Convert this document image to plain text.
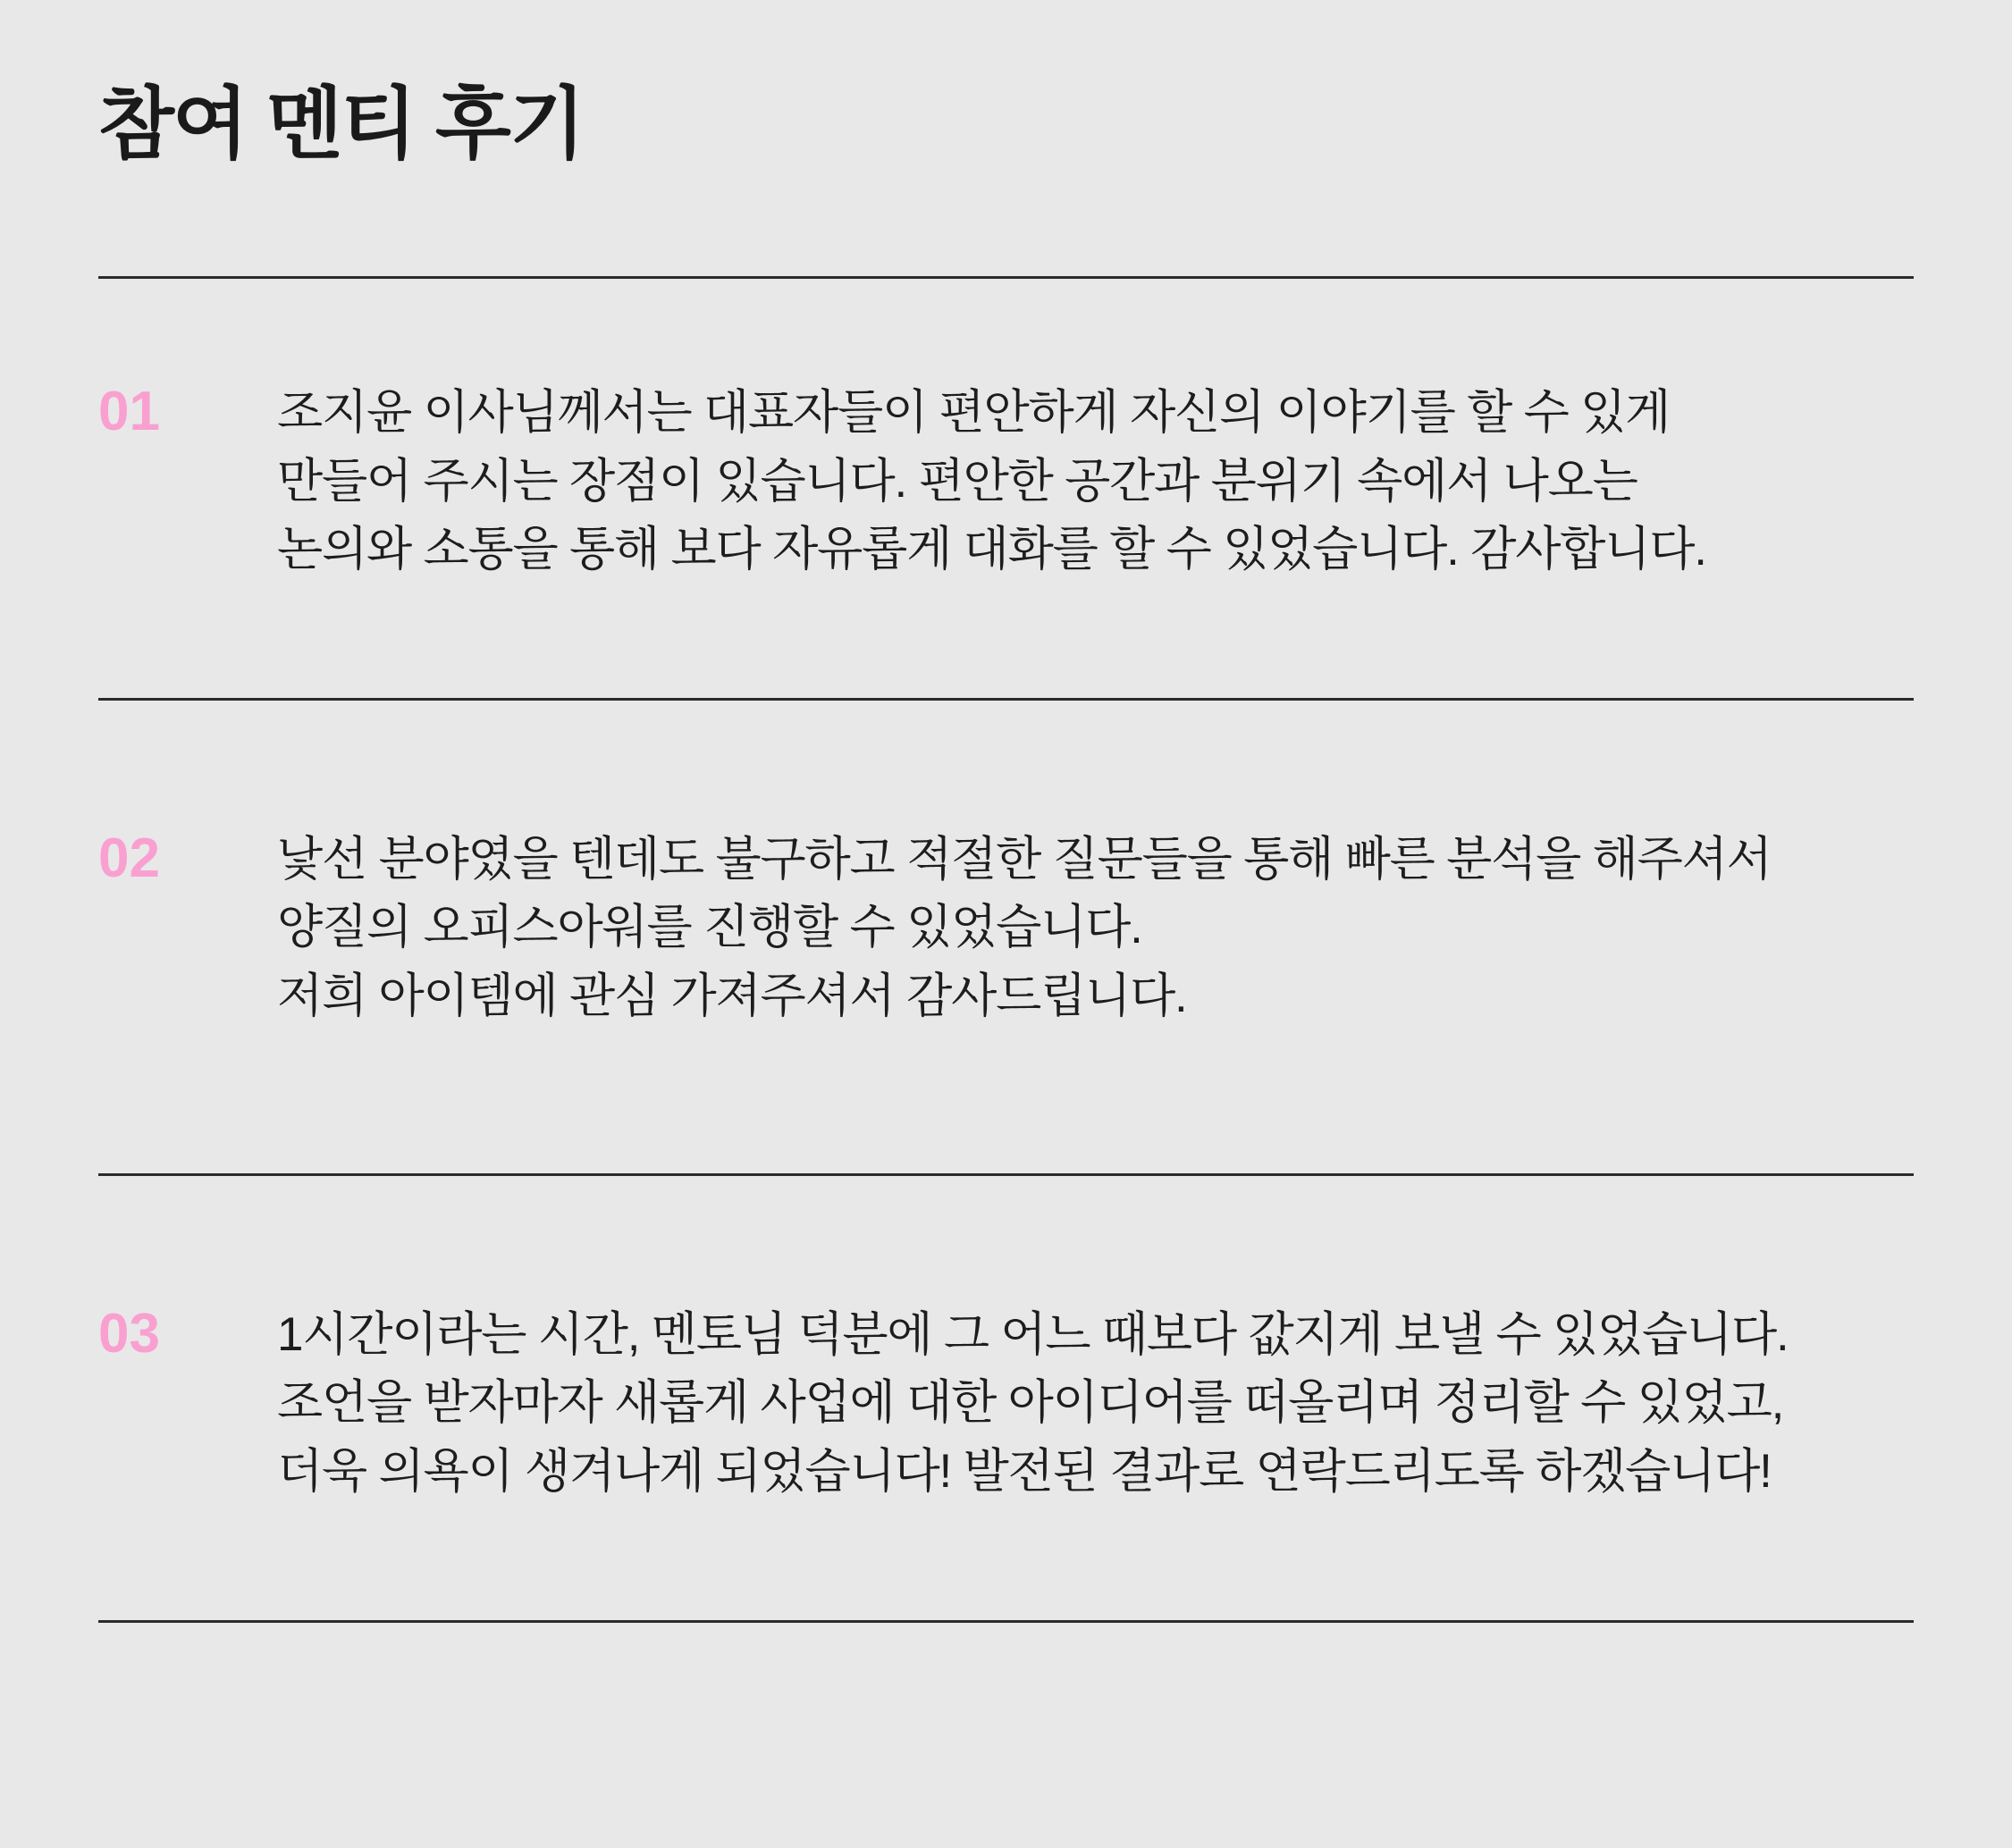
참여 멘티 후기
01	조지윤 이사님께서는 대표자들이 편안하게 자신의 이야기를 할 수 있게
만들어 주시는 장점이 있습니다. 편안한 공간과 분위기 속에서 나오는
논의와 소통을 통해 보다 자유롭게 대화를 할 수 있었습니다. 감사합니다.
02	낯선 분야였을 텐데도 불구하고 적절한 질문들을 통해 빠른 분석을 해주셔서
양질의 오피스아워를 진행할 수 있었습니다.
저희 아이템에 관심 가져주셔서 감사드립니다.
03	1시간이라는 시간, 멘토님 덕분에 그 어느 때보다 값지게 보낼 수 있었습니다.
조언을 받자마자 새롭게 사업에 대한 아이디어를 떠올리며 정리할 수 있었고,
더욱 의욕이 생겨나게 되었습니다! 발전된 결과로 연락드리도록 하겠습니다!
